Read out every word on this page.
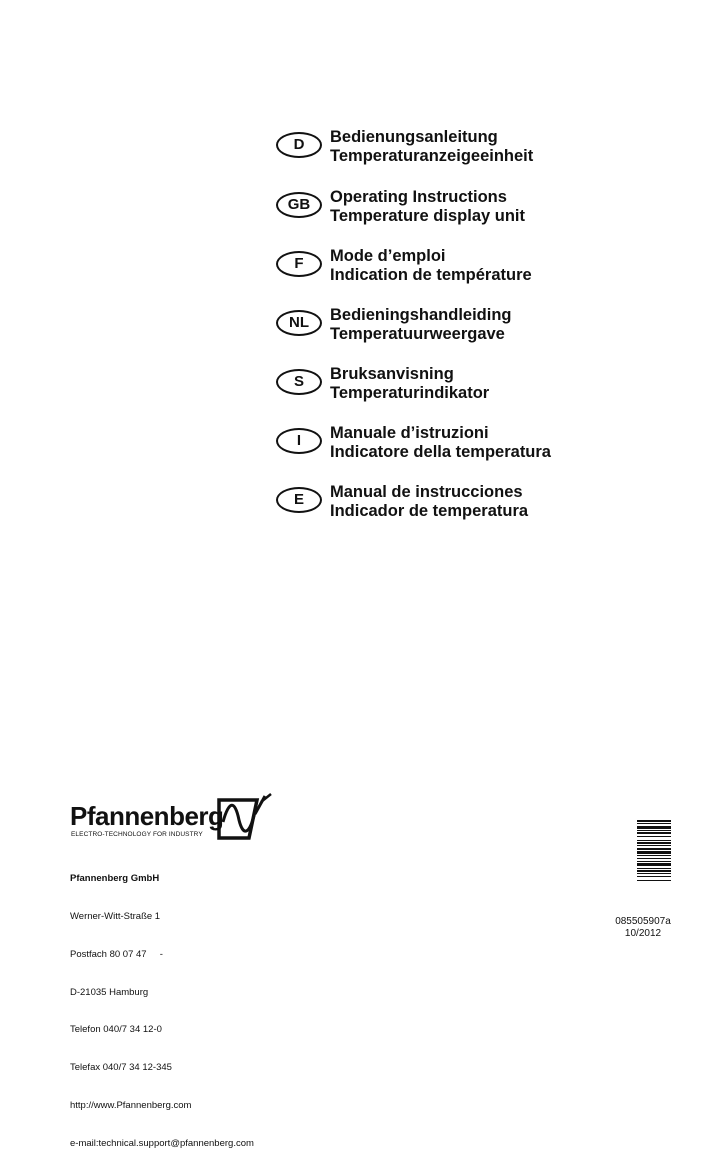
D	Bedienungsanleitung
Temperaturanzeigeeinheit
GB	Operating Instructions
Temperature display unit
F	Mode d’emploi
Indication de température
NL	Bedieningshandleiding
Temperatuurweergave
S	Bruksanvisning
Temperaturindikator
I	Manuale d’istruzioni
Indicatore della temperatura
E	Manual de instrucciones
Indicador de temperatura
Pfannenberg
ELECTRO-TECHNOLOGY FOR INDUSTRY

Pfannenberg GmbH

Werner-Witt-Straße 1

Postfach 80 07 47     -

D-21035 Hamburg

Telefon 040/7 34 12-0

Telefax 040/7 34 12-345

http://www.Pfannenberg.com

e-mail:technical.support@pfannenberg.com

085505907a
10/2012
